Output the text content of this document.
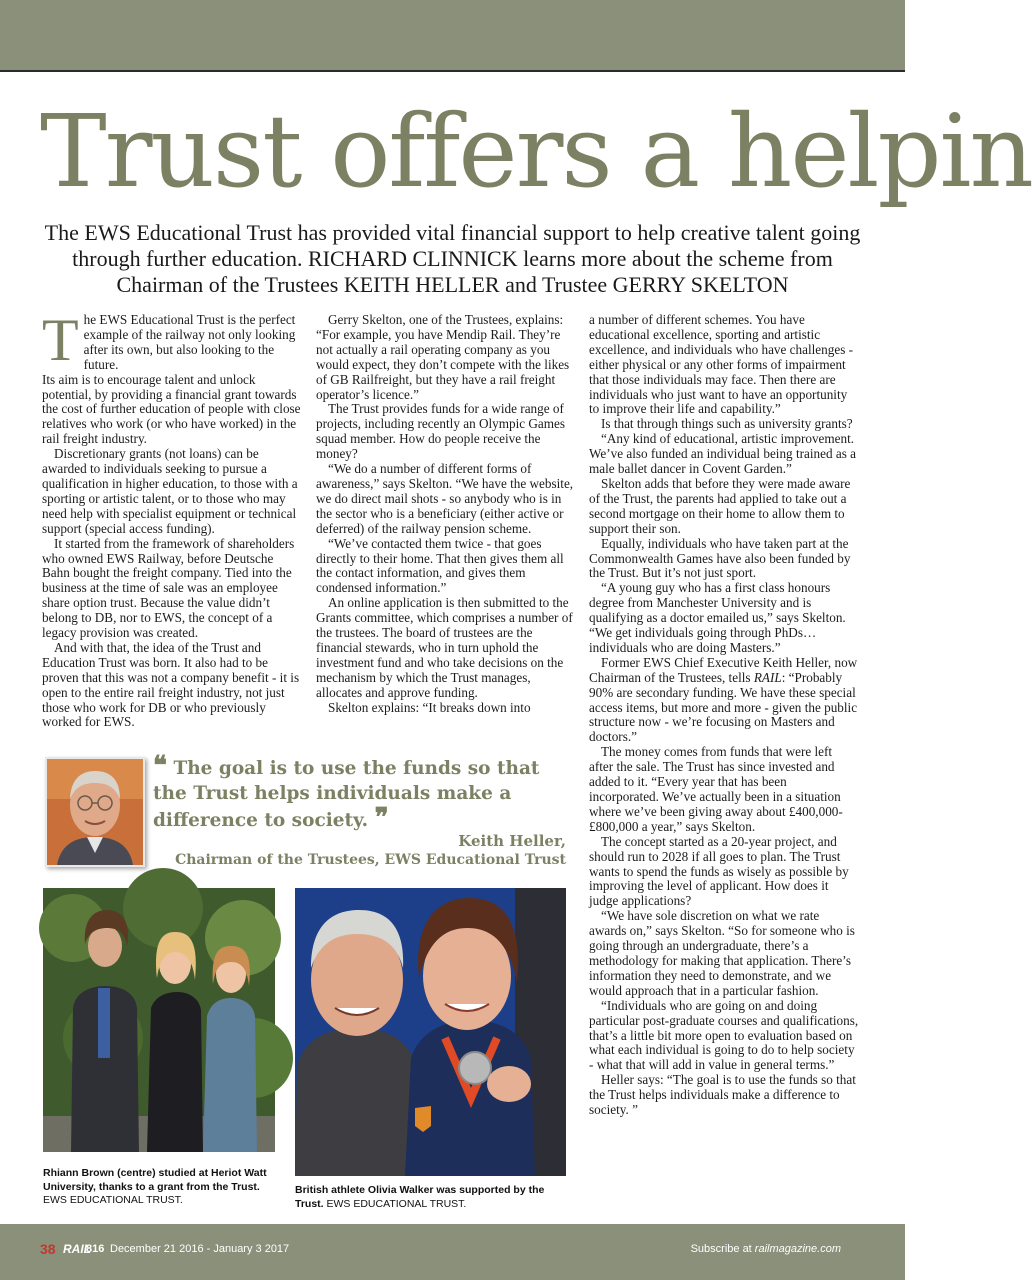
Trust offers a helpin

The EWS Educational Trust has provided vital financial support to help creative talent going through further education. RICHARD CLINNICK learns more about the scheme from Chairman of the Trustees KEITH HELLER and Trustee GERRY SKELTON

The EWS Educational Trust is the perfect example of the railway not only looking after its own, but also looking to the future.

Its aim is to encourage talent and unlock potential, by providing a financial grant towards the cost of further education of people with close relatives who work (or who have worked) in the rail freight industry.

Discretionary grants (not loans) can be awarded to individuals seeking to pursue a qualification in higher education, to those with a sporting or artistic talent, or to those who may need help with specialist equipment or technical support (special access funding).

It started from the framework of shareholders who owned EWS Railway, before Deutsche Bahn bought the freight company. Tied into the business at the time of sale was an employee share option trust. Because the value didn’t belong to DB, nor to EWS, the concept of a legacy provision was created.

And with that, the idea of the Trust and Education Trust was born. It also had to be proven that this was not a company benefit - it is open to the entire rail freight industry, not just those who work for DB or who previously worked for EWS.

Gerry Skelton, one of the Trustees, explains: “For example, you have Mendip Rail. They’re not actually a rail operating company as you would expect, they don’t compete with the likes of GB Railfreight, but they have a rail freight operator’s licence.”

The Trust provides funds for a wide range of projects, including recently an Olympic Games squad member. How do people receive the money?

“We do a number of different forms of awareness,” says Skelton. “We have the website, we do direct mail shots - so anybody who is in the sector who is a beneficiary (either active or deferred) of the railway pension scheme.

“We’ve contacted them twice - that goes directly to their home. That then gives them all the contact information, and gives them condensed information.”

An online application is then submitted to the Grants committee, which comprises a number of the trustees. The board of trustees are the financial stewards, who in turn uphold the investment fund and who take decisions on the mechanism by which the Trust manages, allocates and approve funding.

Skelton explains: “It breaks down into

a number of different schemes. You have educational excellence, sporting and artistic excellence, and individuals who have challenges - either physical or any other forms of impairment that those individuals may face. Then there are individuals who just want to have an opportunity to improve their life and capability.”

Is that through things such as university grants?

“Any kind of educational, artistic improvement. We’ve also funded an individual being trained as a male ballet dancer in Covent Garden.”

Skelton adds that before they were made aware of the Trust, the parents had applied to take out a second mortgage on their home to allow them to support their son.

Equally, individuals who have taken part at the Commonwealth Games have also been funded by the Trust. But it’s not just sport.

“A young guy who has a first class honours degree from Manchester University and is qualifying as a doctor emailed us,” says Skelton. “We get individuals going through PhDs… individuals who are doing Masters.”

Former EWS Chief Executive Keith Heller, now Chairman of the Trustees, tells RAIL: “Probably 90% are secondary funding. We have these special access items, but more and more - given the public structure now - we’re focusing on Masters and doctors.”

The money comes from funds that were left after the sale. The Trust has since invested and added to it. “Every year that has been incorporated. We’ve actually been in a situation where we’ve been giving away about £400,000-£800,000 a year,” says Skelton.

The concept started as a 20-year project, and should run to 2028 if all goes to plan. The Trust wants to spend the funds as wisely as possible by improving the level of applicant. How does it judge applications?

“We have sole discretion on what we rate awards on,” says Skelton. “So for someone who is going through an undergraduate, there’s a methodology for making that application. There’s information they need to demonstrate, and we would approach that in a particular fashion.

“Individuals who are going on and doing particular post-graduate courses and qualifications, that’s a little bit more open to evaluation based on what each individual is going to do to help society - what that will add in value in general terms.”

Heller says: “The goal is to use the funds so that the Trust helps individuals make a difference to society. ”

❝ The goal is to use the funds so that the Trust helps individuals make a difference to society. ❞

Keith Heller,
Chairman of the Trustees, EWS Educational Trust
Rhiann Brown (centre) studied at Heriot Watt University, thanks to a grant from the Trust. EWS EDUCATIONAL TRUST.
British athlete Olivia Walker was supported by the Trust. EWS EDUCATIONAL TRUST.
38 RAIL
816 December 21 2016 - January 3 2017	Subscribe at railmagazine.com
